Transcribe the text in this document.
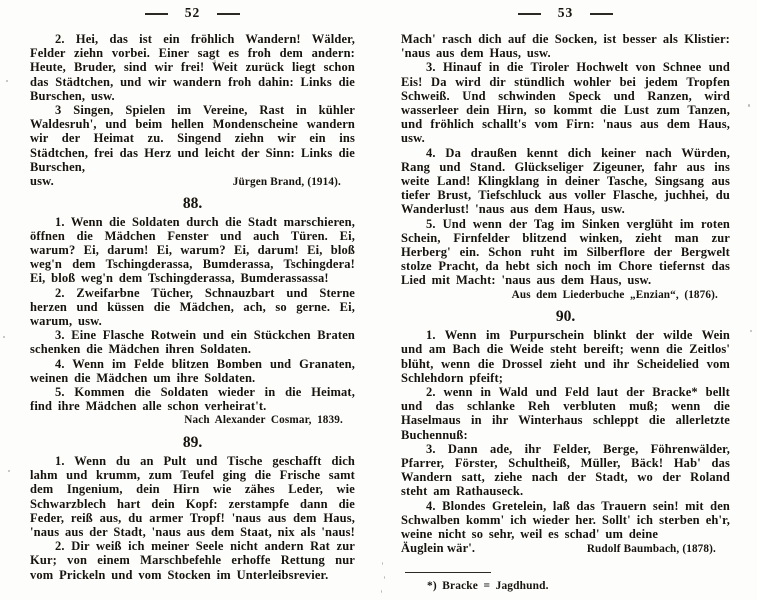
52

2. Hei, das ist ein fröhlich Wandern! Wälder, Felder ziehn vorbei. Einer sagt es froh dem andern: Heute, Bruder, sind wir frei! Weit zurück liegt schon das Städtchen, und wir wandern froh dahin: Links die Burschen, usw.

3 Singen, Spielen im Vereine, Rast in kühler Waldesruh', und beim hellen Mondenscheine wandern wir der Heimat zu. Singend ziehn wir ein ins Städtchen, frei das Herz und leicht der Sinn: Links die Burschen,

usw.	Jürgen Brand, (1914).
88.

1. Wenn die Soldaten durch die Stadt marschieren, öffnen die Mädchen Fenster und auch Türen. Ei, warum? Ei, darum! Ei, warum? Ei, darum! Ei, bloß weg'n dem Tschingderassa, Bumderassa, Tschingdera! Ei, bloß weg'n dem Tschingderassa, Bumderassassa!

2. Zweifarbne Tücher, Schnauzbart und Sterne herzen und küssen die Mädchen, ach, so gerne. Ei, warum, usw.

3. Eine Flasche Rotwein und ein Stückchen Braten schenken die Mädchen ihren Soldaten.

4. Wenn im Felde blitzen Bomben und Granaten, weinen die Mädchen um ihre Soldaten.

5. Kommen die Soldaten wieder in die Heimat, find ihre Mädchen alle schon verheirat't.

Nach Alexander Cosmar, 1839.

89.

1. Wenn du an Pult und Tische geschafft dich lahm und krumm, zum Teufel ging die Frische samt dem Ingenium, dein Hirn wie zähes Leder, wie Schwarzblech hart dein Kopf: zerstampfe dann die Feder, reiß aus, du armer Tropf! 'naus aus dem Haus, 'naus aus der Stadt, 'naus aus dem Staat, nix als 'naus!

2. Dir weiß ich meiner Seele nicht andern Rat zur Kur; von einem Marschbefehle erhoffe Rettung nur vom Prickeln und vom Stocken im Unterleibsrevier.

53

Mach' rasch dich auf die Socken, ist besser als Klistier: 'naus aus dem Haus, usw.

3. Hinauf in die Tiroler Hochwelt von Schnee und Eis! Da wird dir stündlich wohler bei jedem Tropfen Schweiß. Und schwinden Speck und Ranzen, wird wasserleer dein Hirn, so kommt die Lust zum Tanzen, und fröhlich schallt's vom Firn: 'naus aus dem Haus, usw.

4. Da draußen kennt dich keiner nach Würden, Rang und Stand. Glückseliger Zigeuner, fahr aus ins weite Land! Klingklang in deiner Tasche, Singsang aus tiefer Brust, Tiefschluck aus voller Flasche, juchhei, du Wanderlust! 'naus aus dem Haus, usw.

5. Und wenn der Tag im Sinken verglüht im roten Schein, Firnfelder blitzend winken, zieht man zur Herberg' ein. Schon ruht im Silberflore der Bergwelt stolze Pracht, da hebt sich noch im Chore tiefernst das Lied mit Macht: 'naus aus dem Haus, usw.

Aus dem Liederbuche „Enzian“, (1876).

90.

1. Wenn im Purpurschein blinkt der wilde Wein und am Bach die Weide steht bereift; wenn die Zeitlos' blüht, wenn die Drossel zieht und ihr Scheidelied vom Schlehdorn pfeift;

2. wenn in Wald und Feld laut der Bracke* bellt und das schlanke Reh verbluten muß; wenn die Haselmaus in ihr Winterhaus schleppt die allerletzte Buchennuß:

3. Dann ade, ihr Felder, Berge, Föhrenwälder, Pfarrer, Förster, Schultheiß, Müller, Bäck! Hab' das Wandern satt, ziehe nach der Stadt, wo der Roland steht am Rathauseck.

4. Blondes Gretelein, laß das Trauern sein! mit den Schwalben komm' ich wieder her. Sollt' ich sterben eh'r, weine nicht so sehr, weil es schad' um deine

Äuglein wär'.	Rudolf Baumbach, (1878).

*) Bracke = Jagdhund.
